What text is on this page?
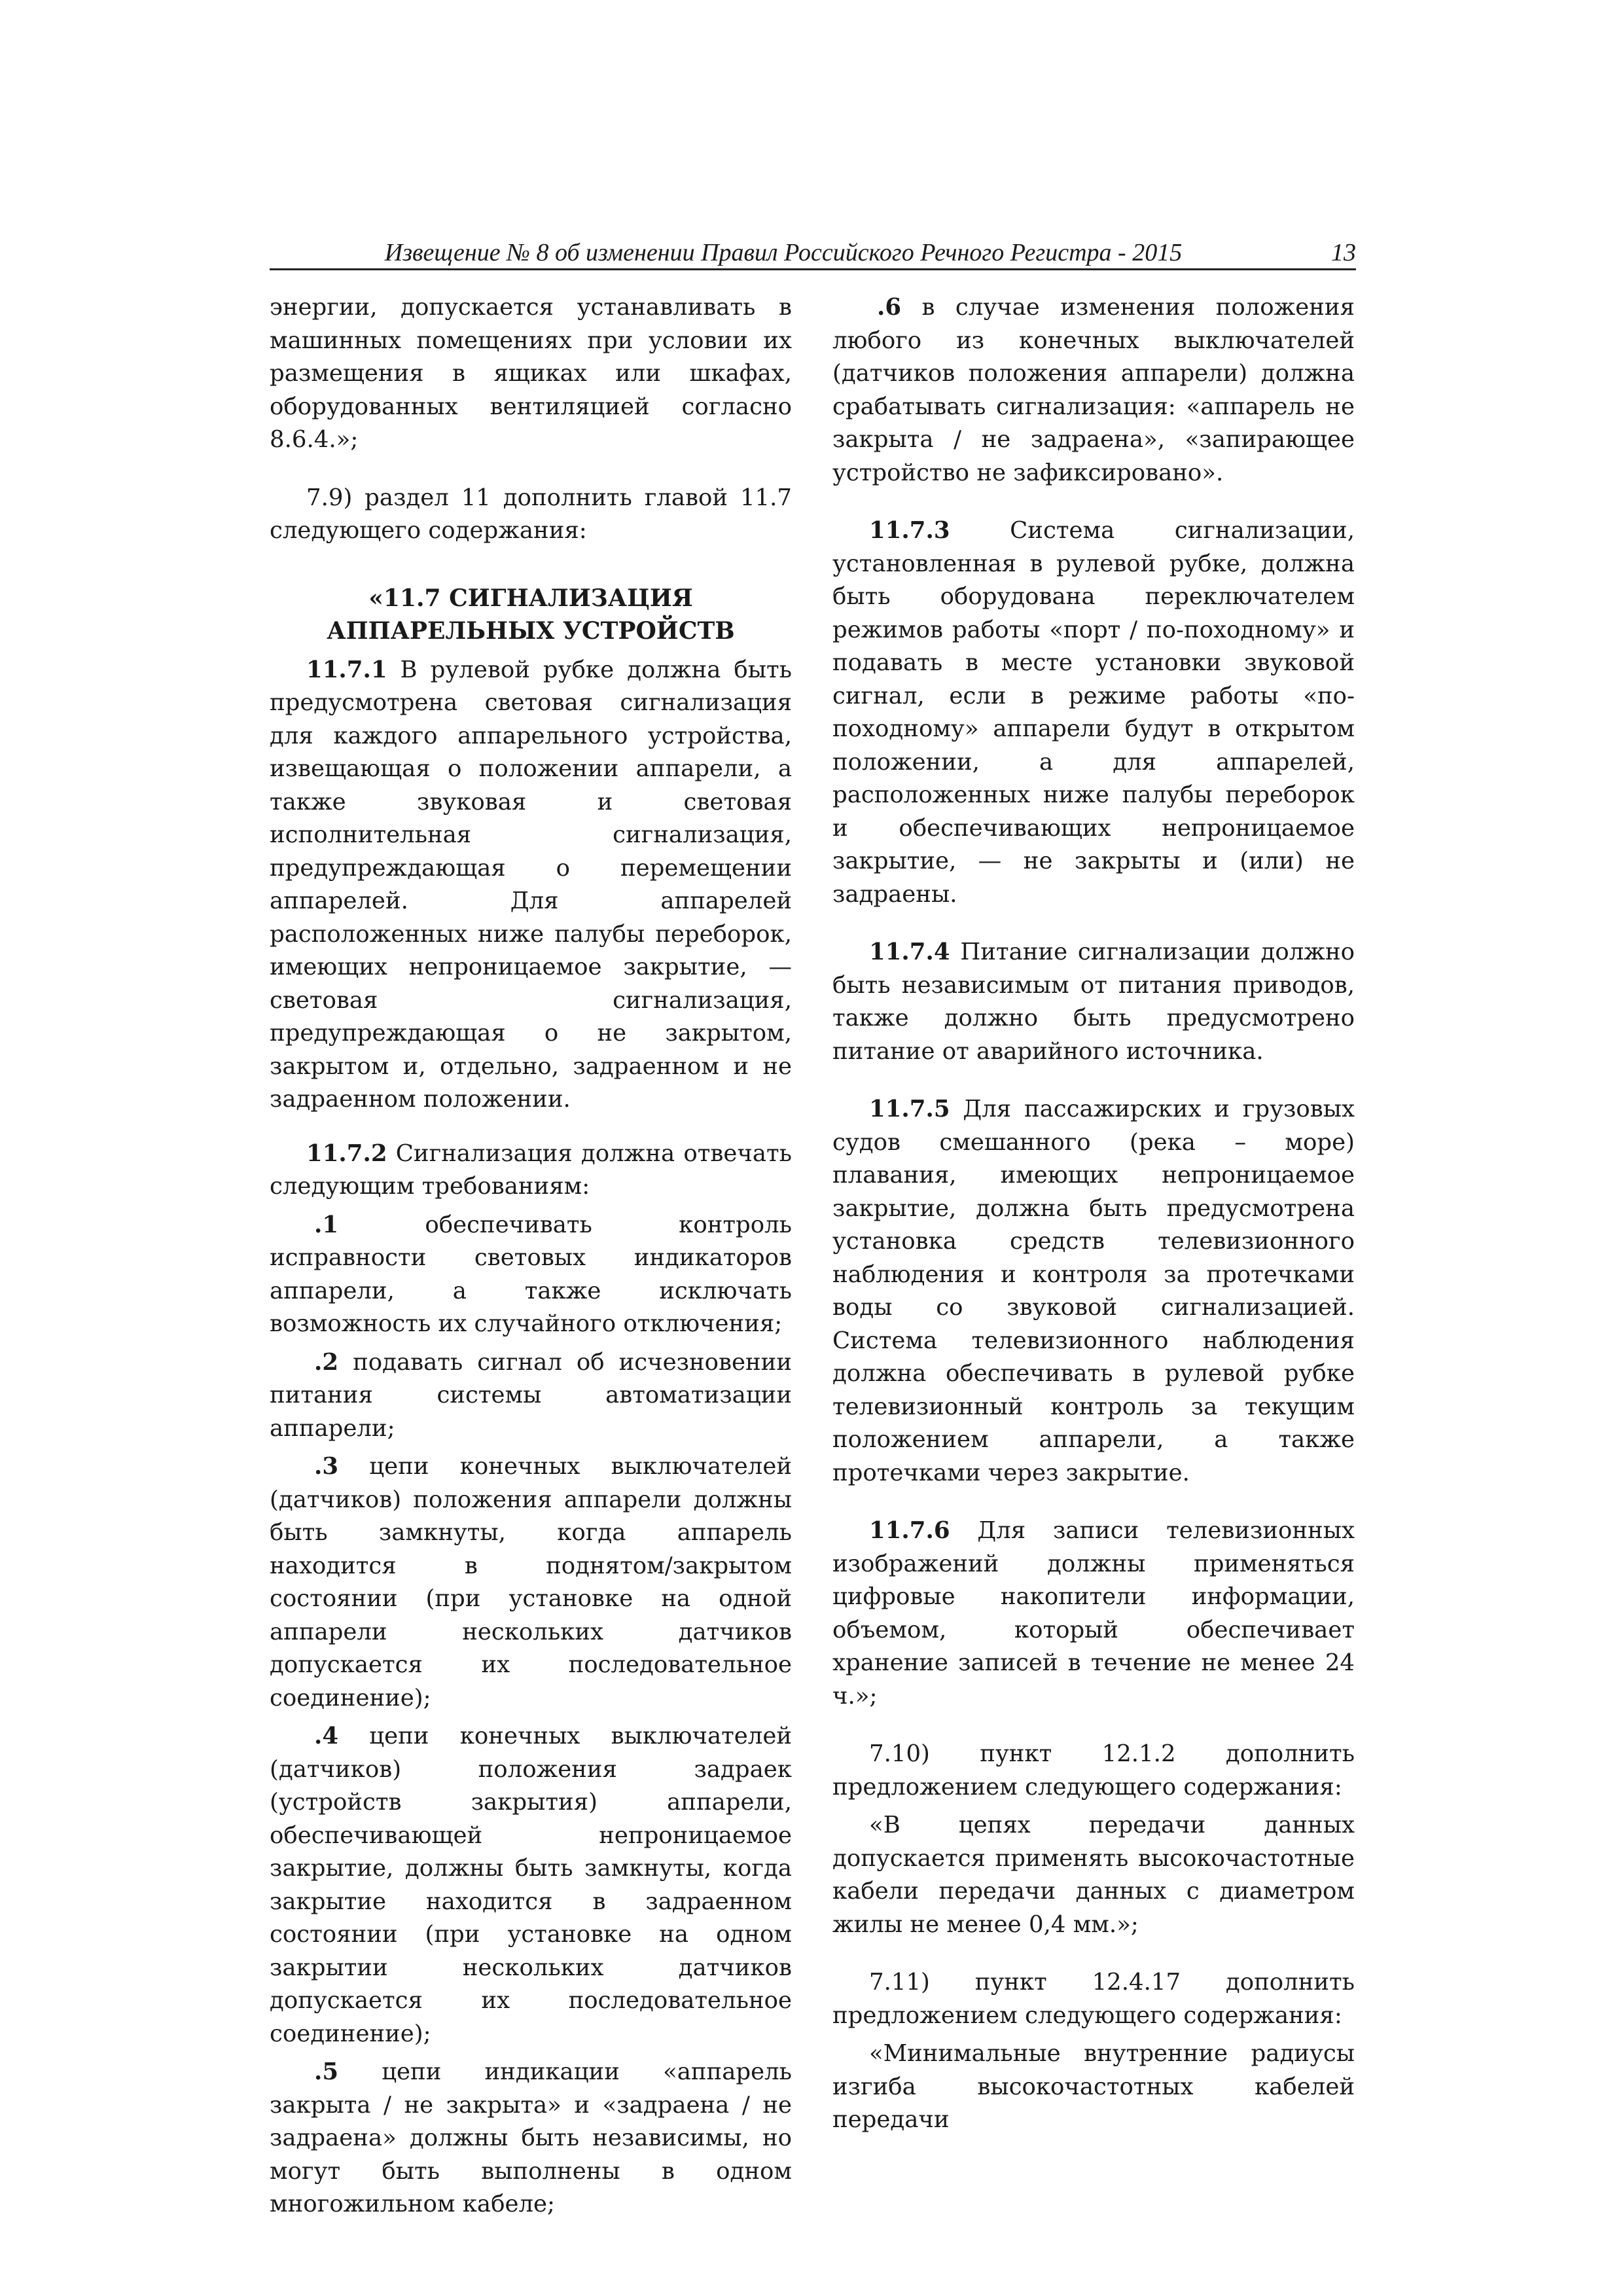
Извещение № 8 об изменении Правил Российского Речного Регистра - 2015	13

энергии, допускается устанавливать в машинных помещениях при условии их размещения в ящиках или шкафах, оборудованных вентиляцией согласно 8.6.4.»;

7.9) раздел 11 дополнить главой 11.7 следующего содержания:

«11.7 СИГНАЛИЗАЦИЯ АППАРЕЛЬНЫХ УСТРОЙСТВ

11.7.1 В рулевой рубке должна быть предусмотрена световая сигнализация для каждого аппарельного устройства, извещающая о положении аппарели, а также звуковая и световая исполнительная сигнализация, предупреждающая о перемещении аппарелей. Для аппарелей расположенных ниже палубы переборок, имеющих непроницаемое закрытие, — световая сигнализация, предупреждающая о не закрытом, закрытом и, отдельно, задраенном и не задраенном положении.

11.7.2 Сигнализация должна отвечать следующим требованиям:

.1 обеспечивать контроль исправности световых индикаторов аппарели, а также исключать возможность их случайного отключения;

.2 подавать сигнал об исчезновении питания системы автоматизации аппарели;

.3 цепи конечных выключателей (датчиков) положения аппарели должны быть замкнуты, когда аппарель находится в поднятом/закрытом состоянии (при установке на одной аппарели нескольких датчиков допускается их последовательное соединение);

.4 цепи конечных выключателей (датчиков) положения задраек (устройств закрытия) аппарели, обеспечивающей непроницаемое закрытие, должны быть замкнуты, когда закрытие находится в задраенном состоянии (при установке на одном закрытии нескольких датчиков допускается их последовательное соединение);

.5 цепи индикации «аппарель закрыта / не закрыта» и «задраена / не задраена» должны быть независимы, но могут быть выполнены в одном многожильном кабеле;

.6 в случае изменения положения любого из конечных выключателей (датчиков положения аппарели) должна срабатывать сигнализация: «аппарель не закрыта / не задраена», «запирающее устройство не зафиксировано».

11.7.3 Система сигнализации, установленная в рулевой рубке, должна быть оборудована переключателем режимов работы «порт / по-походному» и подавать в месте установки звуковой сигнал, если в режиме работы «по-походному» аппарели будут в открытом положении, а для аппарелей, расположенных ниже палубы переборок и обеспечивающих непроницаемое закрытие, — не закрыты и (или) не задраены.

11.7.4 Питание сигнализации должно быть независимым от питания приводов, также должно быть предусмотрено питание от аварийного источника.

11.7.5 Для пассажирских и грузовых судов смешанного (река – море) плавания, имеющих непроницаемое закрытие, должна быть предусмотрена установка средств телевизионного наблюдения и контроля за протечками воды со звуковой сигнализацией. Система телевизионного наблюдения должна обеспечивать в рулевой рубке телевизионный контроль за текущим положением аппарели, а также протечками через закрытие.

11.7.6 Для записи телевизионных изображений должны применяться цифровые накопители информации, объемом, который обеспечивает хранение записей в течение не менее 24 ч.»;

7.10) пункт 12.1.2 дополнить предложением следующего содержания:

«В цепях передачи данных допускается применять высокочастотные кабели передачи данных с диаметром жилы не менее 0,4 мм.»;

7.11) пункт 12.4.17 дополнить предложением следующего содержания:

«Минимальные внутренние радиусы изгиба высокочастотных кабелей передачи
